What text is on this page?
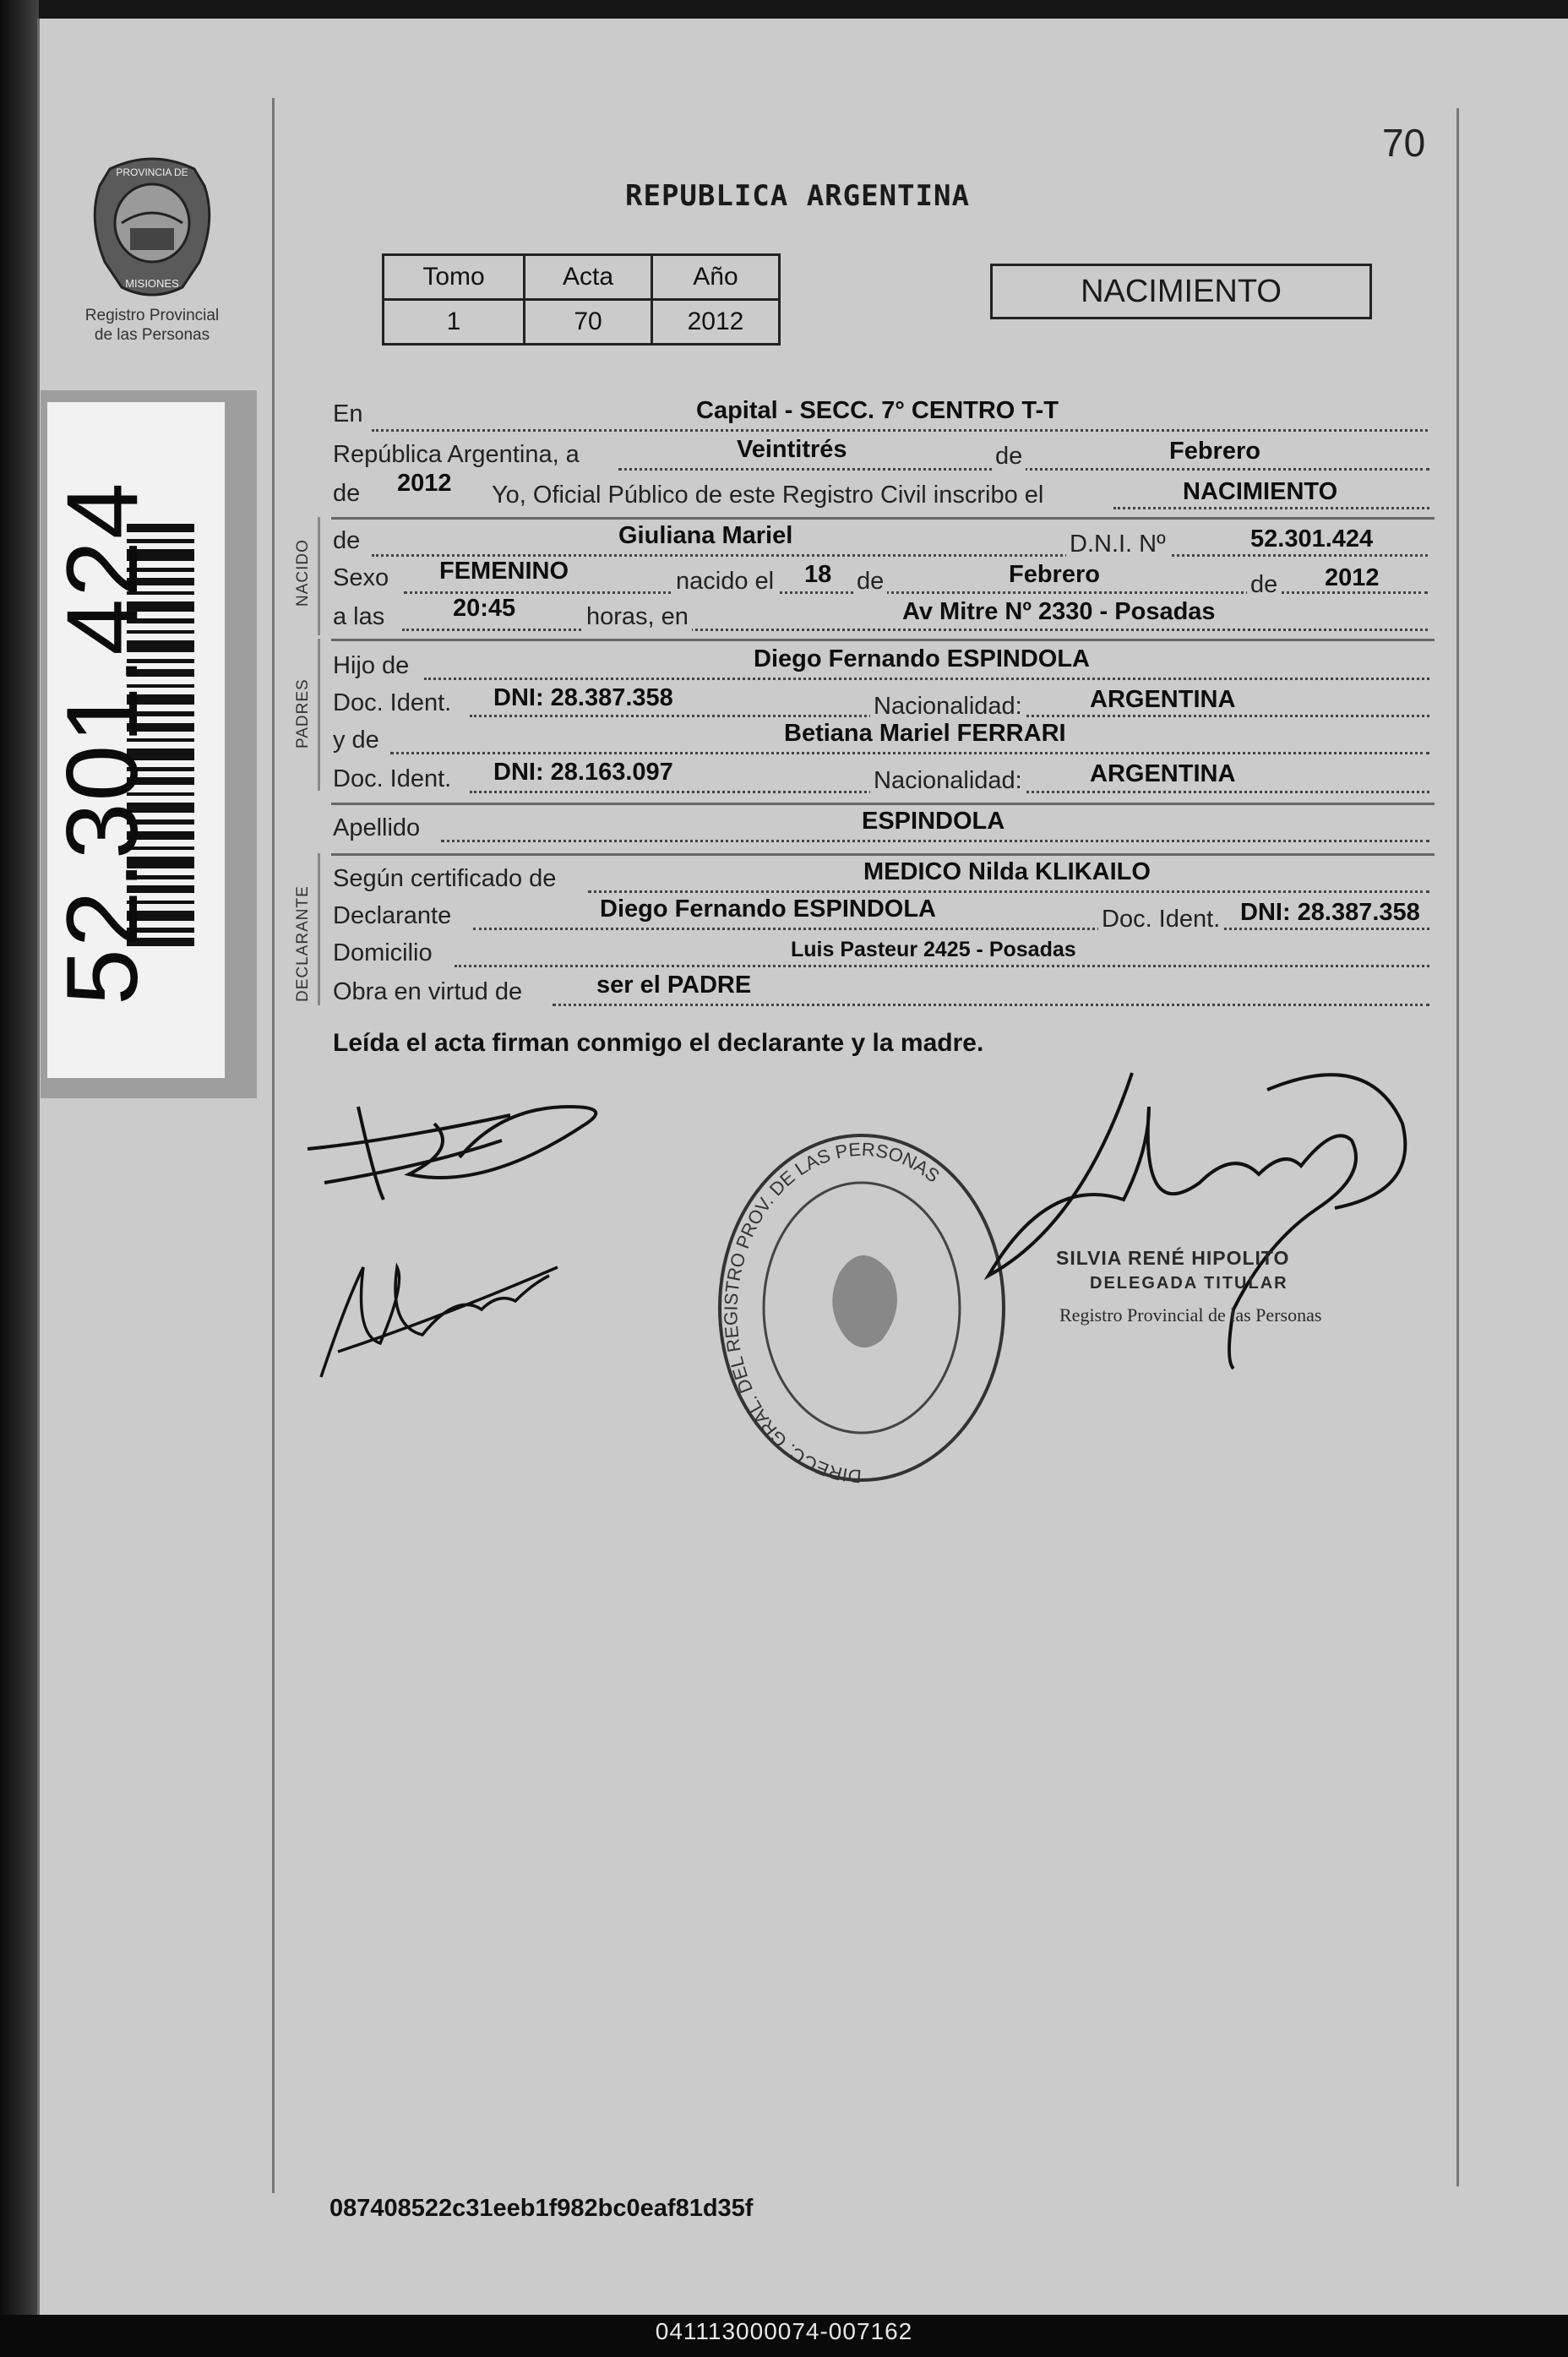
PROVINCIA DE
MISIONES
Registro Provincial
de las Personas
52.301.424
70
REPUBLICA ARGENTINA
Tomo	Acta	Año
1	70	2012
NACIMIENTO
En	Capital - SECC. 7° CENTRO T-T
República Argentina, a	Veintitrés	de	Febrero
de 2012 Yo, Oficial Público de este Registro Civil inscribo el	NACIMIENTO
NACIDO de	Giuliana Mariel	D.N.I. Nº	52.301.424
Sexo FEMENINO	nacido el 18 de	Febrero	de 2012
a las	20:45	horas, en	Av Mitre Nº 2330 - Posadas
PADRES
Hijo de	Diego Fernando ESPINDOLA
Doc. Ident. DNI: 28.387.358	Nacionalidad:	ARGENTINA
y de	Betiana Mariel FERRARI
Doc. Ident. DNI: 28.163.097	Nacionalidad:	ARGENTINA
Apellido	ESPINDOLA
DECLARANTE
Según certificado de	MEDICO Nilda KLIKAILO
Declarante	Diego Fernando ESPINDOLA	Doc. Ident. DNI: 28.387.358
Domicilio	Luis Pasteur 2425 - Posadas
Obra en virtud de	ser el PADRE
Leída el acta firman conmigo el declarante y la madre.
DIRECC. GRAL. DEL REGISTRO PROV. DE LAS PERSONAS
SILVIA RENÉ HIPOLITO
DELEGADA TITULAR
Registro Provincial de las Personas
087408522c31eeb1f982bc0eaf81d35f
041113000074-007162
